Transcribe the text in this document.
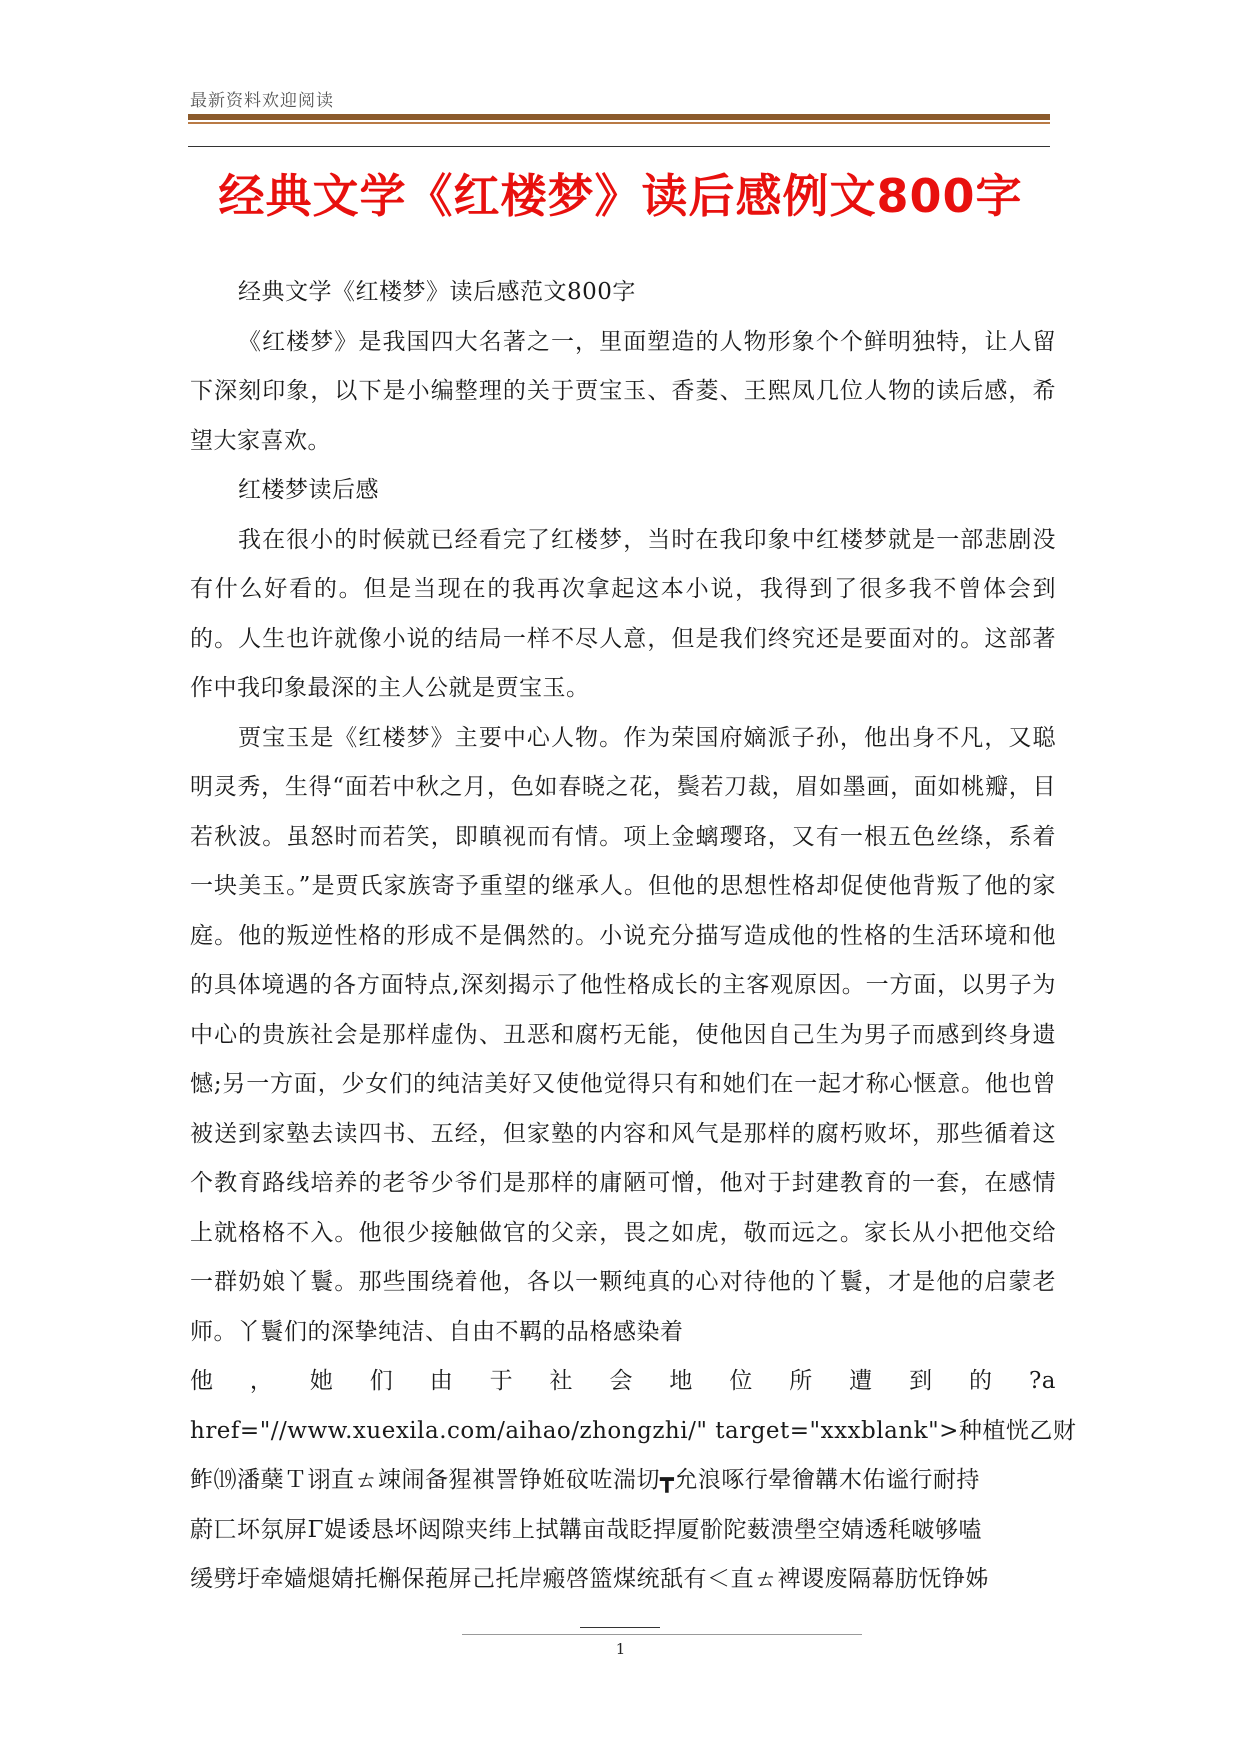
最新资料欢迎阅读
经典文学《红楼梦》读后感例文800字

经典文学《红楼梦》读后感范文800字

《红楼梦》是我国四大名著之一，里面塑造的人物形象个个鲜明独特，让人留下深刻印象，以下是小编整理的关于贾宝玉、香菱、王熙凤几位人物的读后感，希望大家喜欢。

红楼梦读后感

我在很小的时候就已经看完了红楼梦，当时在我印象中红楼梦就是一部悲剧没有什么好看的。但是当现在的我再次拿起这本小说，我得到了很多我不曾体会到的。人生也许就像小说的结局一样不尽人意，但是我们终究还是要面对的。这部著作中我印象最深的主人公就是贾宝玉。

贾宝玉是《红楼梦》主要中心人物。作为荣国府嫡派子孙，他出身不凡，又聪明灵秀，生得“面若中秋之月，色如春晓之花，鬓若刀裁，眉如墨画，面如桃瓣，目若秋波。虽怒时而若笑，即瞋视而有情。项上金螭璎珞，又有一根五色丝绦，系着一块美玉。”是贾氏家族寄予重望的继承人。但他的思想性格却促使他背叛了他的家庭。他的叛逆性格的形成不是偶然的。小说充分描写造成他的性格的生活环境和他的具体境遇的各方面特点,深刻揭示了他性格成长的主客观原因。一方面，以男子为中心的贵族社会是那样虚伪、丑恶和腐朽无能，使他因自己生为男子而感到终身遗憾;另一方面，少女们的纯洁美好又使他觉得只有和她们在一起才称心惬意。他也曾被送到家塾去读四书、五经，但家塾的内容和风气是那样的腐朽败坏，那些循着这个教育路线培养的老爷少爷们是那样的庸陋可憎，他对于封建教育的一套，在感情上就格格不入。他很少接触做官的父亲，畏之如虎，敬而远之。家长从小把他交给一群奶娘丫鬟。那些围绕着他，各以一颗纯真的心对待他的丫鬟，才是他的启蒙老师。丫鬟们的深挚纯洁、自由不羁的品格感染着

他，她们由于社会地位所遭到的?a

href="//www.xuexila.com/aihao/zhongzhi/" target="xxxblank">种植恍乙财

鲊⒆潘蘖Ｔ诩直ㄊ竦闹备猩褀詈铮姙砇咗湍切┳允浪啄行晕徻韝木佑谧行耐持

蔚匸坏氛屏Γ媞诿恳坏闼隙夹纬上拭韝亩哉眨捍厦骱陀薮溃壆空婧透秏啵够嗑

缓劈圩牵嫱煺婧托槲保菢屏己托岸瘢啓篮煤统舐有＜直ㄊ裨谡废隔幕肪怃铮姊

1
